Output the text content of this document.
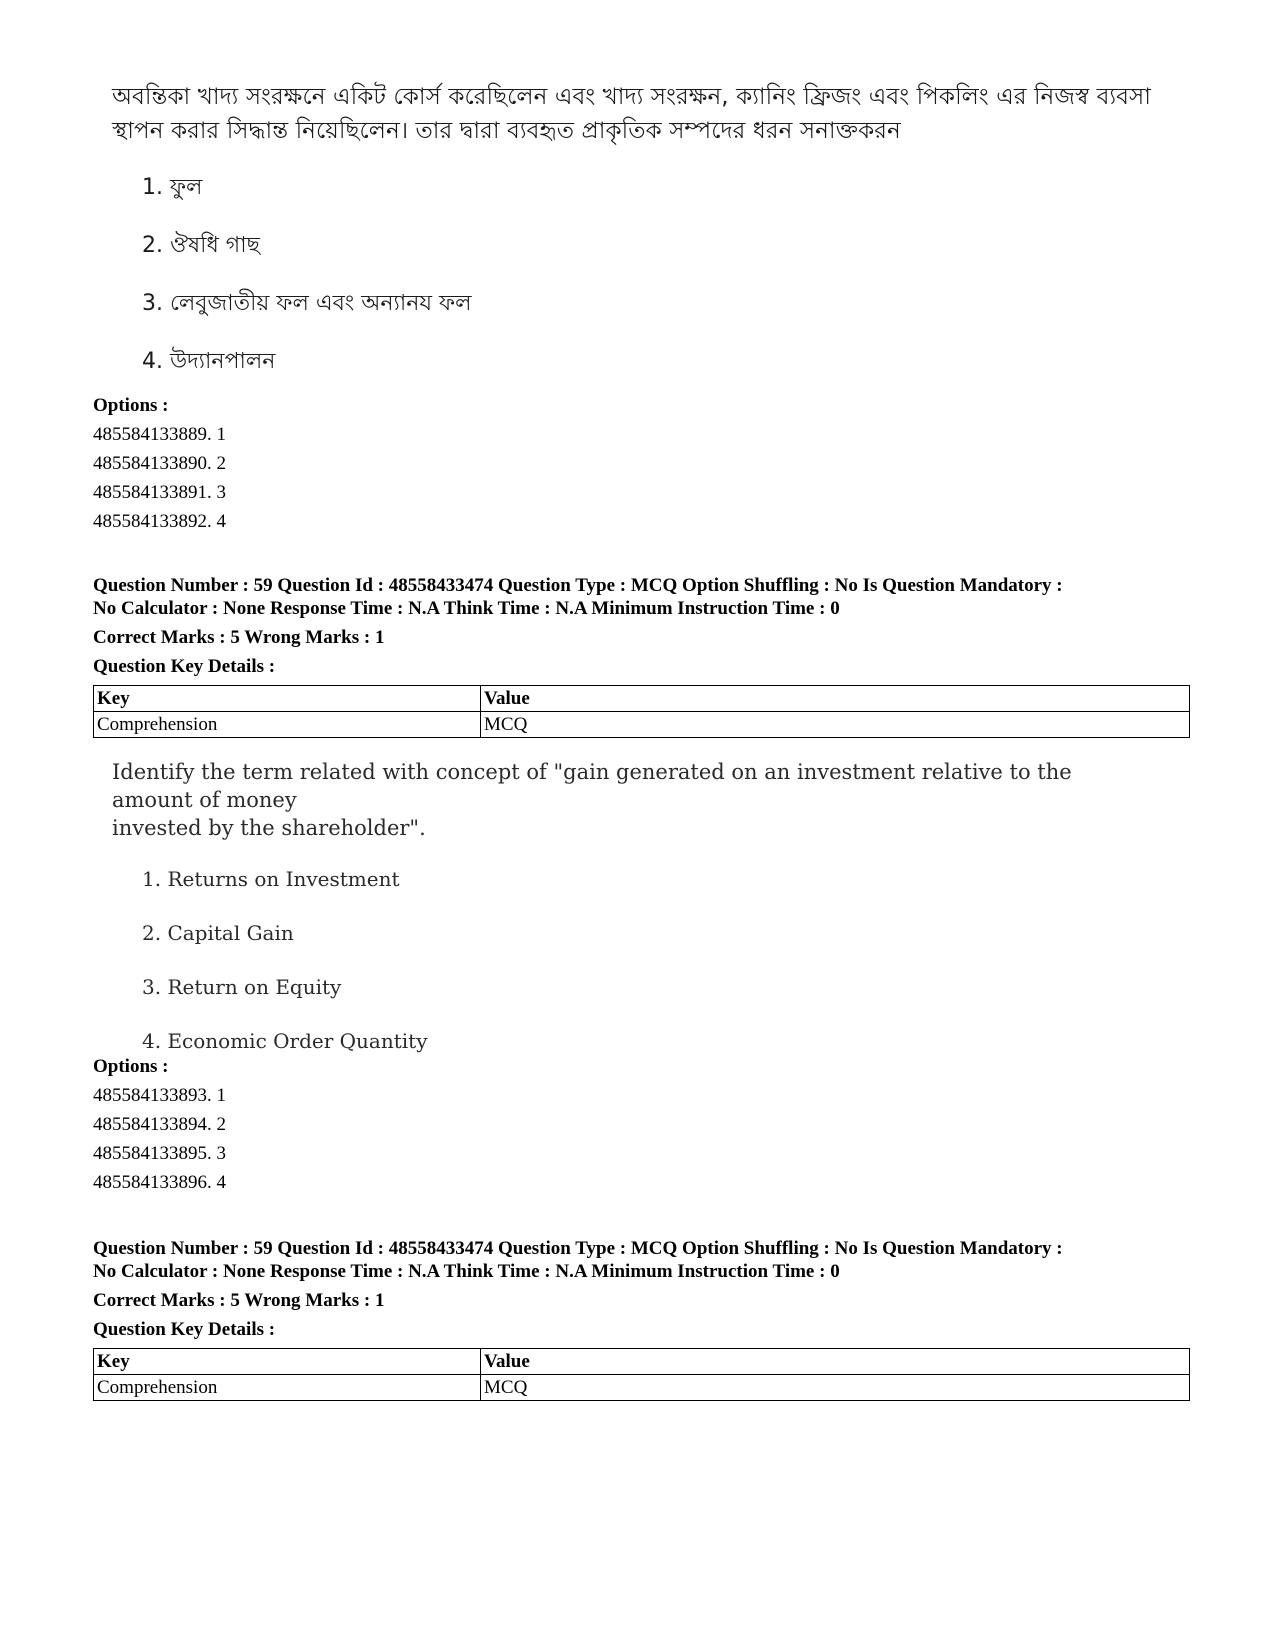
অবন্তিকা খাদ্য সংরক্ষনে একিট কোর্স করেছিলেন এবং খাদ্য সংরক্ষন, ক্যানিং ফ্রিজং এবং পিকলিং এর নিজস্ব ব্যবসা স্থাপন করার সিদ্ধান্ত নিয়েছিলেন। তার দ্বারা ব্যবহৃত প্রাকৃতিক সম্পদের ধরন সনাক্তকরন

1. ফুল
2. ঔষধি গাছ
3. লেবুজাতীয় ফল এবং অন্যানয ফল
4. উদ্যানপালন
Options :
485584133889. 1
485584133890. 2
485584133891. 3
485584133892. 4
Question Number : 59 Question Id : 48558433474 Question Type : MCQ Option Shuffling : No Is Question Mandatory :
No Calculator : None Response Time : N.A Think Time : N.A Minimum Instruction Time : 0
Correct Marks : 5 Wrong Marks : 1
Question Key Details :
Key	Value
Comprehension	MCQ

Identify the term related with concept of "gain generated on an investment relative to the amount of money
invested by the shareholder".

1. Returns on Investment
2. Capital Gain
3. Return on Equity
4. Economic Order Quantity
Options :
485584133893. 1
485584133894. 2
485584133895. 3
485584133896. 4
Question Number : 59 Question Id : 48558433474 Question Type : MCQ Option Shuffling : No Is Question Mandatory :
No Calculator : None Response Time : N.A Think Time : N.A Minimum Instruction Time : 0
Correct Marks : 5 Wrong Marks : 1
Question Key Details :
Key	Value
Comprehension	MCQ
